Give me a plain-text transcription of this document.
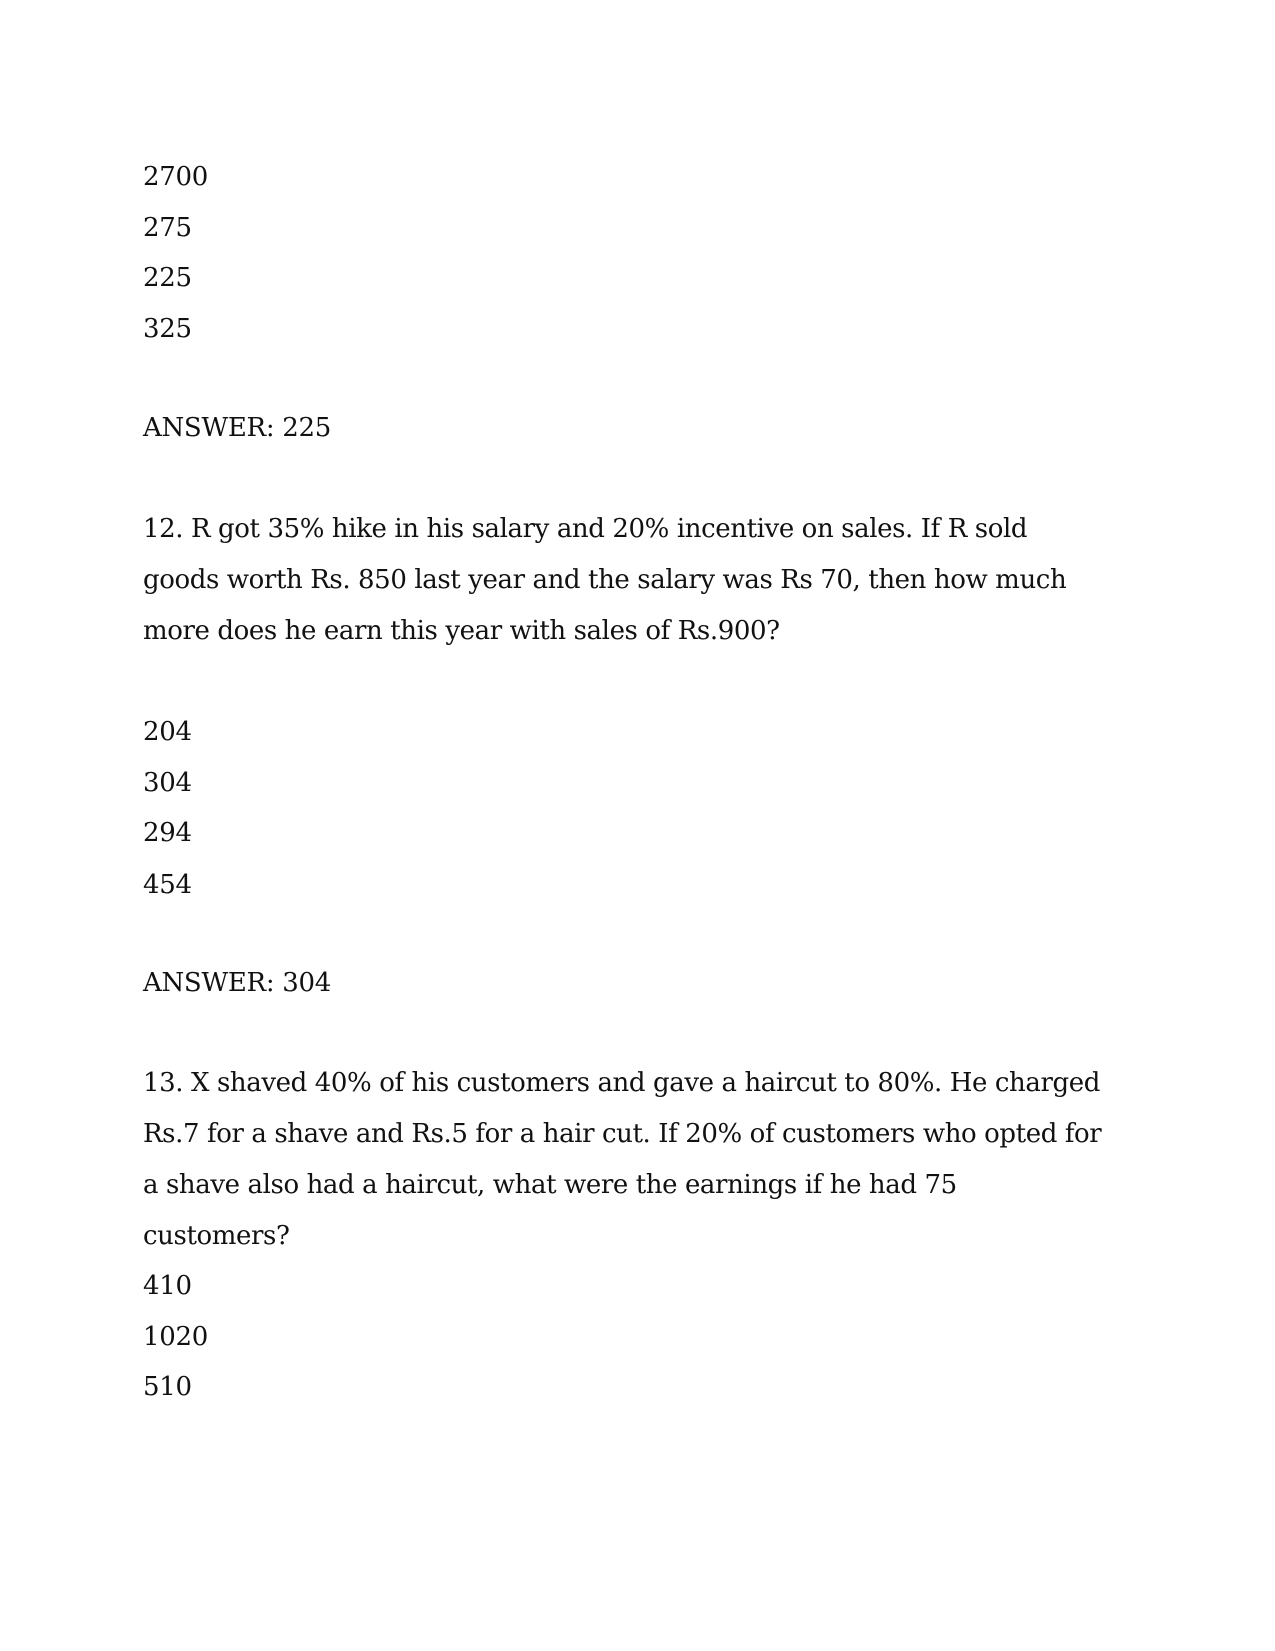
2700
275
225
325
ANSWER: 225
12. R got 35% hike in his salary and 20% incentive on sales. If R sold goods worth Rs. 850 last year and the salary was Rs 70, then how much more does he earn this year with sales of Rs.900?
204
304
294
454
ANSWER: 304
13. X shaved 40% of his customers and gave a haircut to 80%. He charged Rs.7 for a shave and Rs.5 for a hair cut. If 20% of customers who opted for a shave also had a haircut, what were the earnings if he had 75 customers?
410
1020
510
